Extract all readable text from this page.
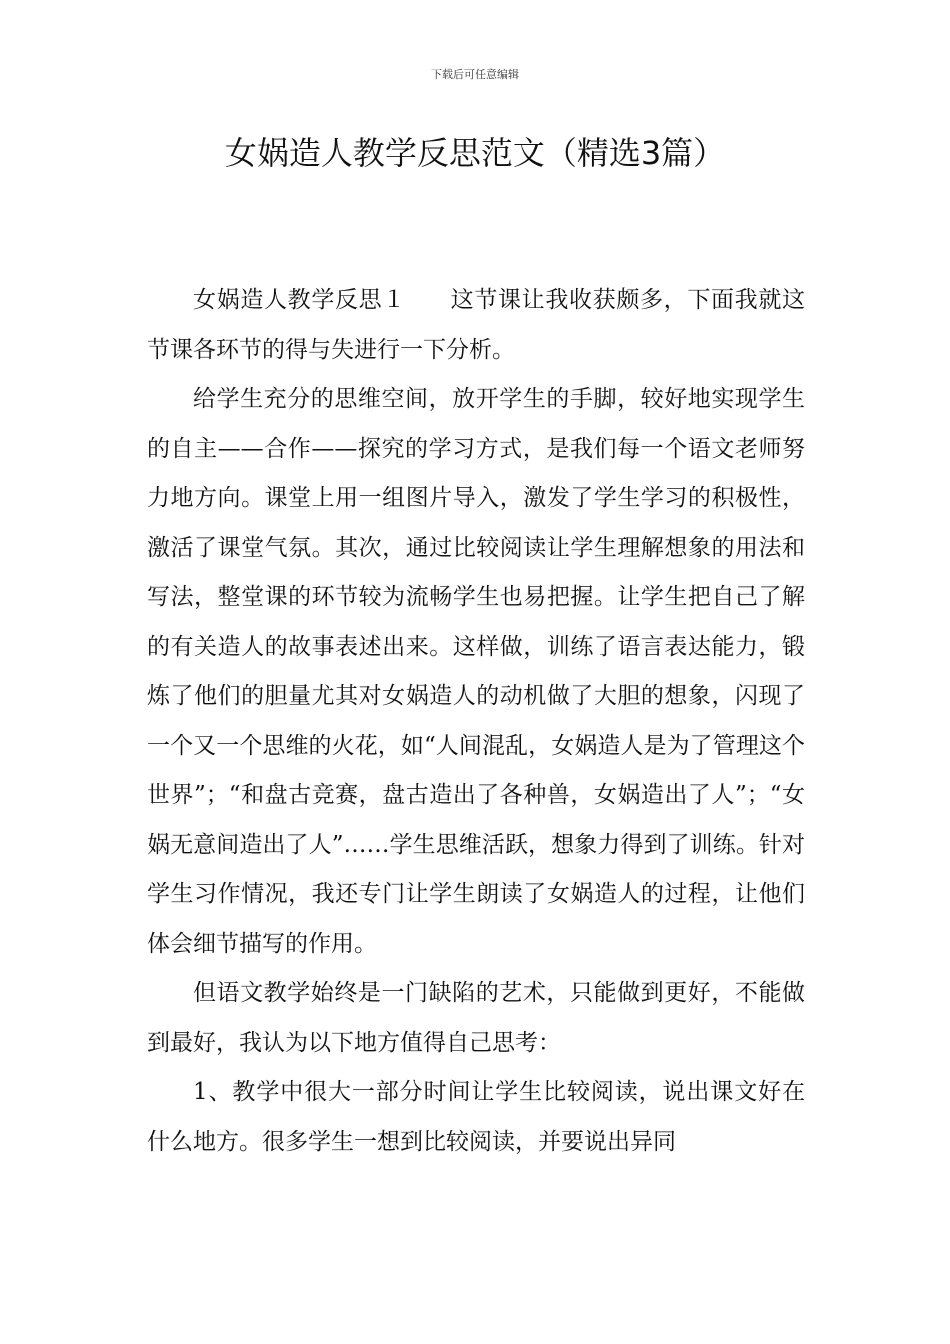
下载后可任意编辑
女娲造人教学反思范文（精选3篇）

女娲造人教学反思１ 这节课让我收获颇多，下面我就这节课各环节的得与失进行一下分析。

给学生充分的思维空间，放开学生的手脚，较好地实现学生的自主——合作——探究的学习方式，是我们每一个语文老师努力地方向。课堂上用一组图片导入，激发了学生学习的积极性，激活了课堂气氛。其次，通过比较阅读让学生理解想象的用法和写法，整堂课的环节较为流畅学生也易把握。让学生把自己了解的有关造人的故事表述出来。这样做，训练了语言表达能力，锻炼了他们的胆量尤其对女娲造人的动机做了大胆的想象，闪现了一个又一个思维的火花，如“人间混乱，女娲造人是为了管理这个世界”；“和盘古竞赛，盘古造出了各种兽，女娲造出了人”；“女娲无意间造出了人”……学生思维活跃，想象力得到了训练。针对学生习作情况，我还专门让学生朗读了女娲造人的过程，让他们体会细节描写的作用。

但语文教学始终是一门缺陷的艺术，只能做到更好，不能做到最好，我认为以下地方值得自己思考：

1、教学中很大一部分时间让学生比较阅读，说出课文好在什么地方。很多学生一想到比较阅读，并要说出异同
